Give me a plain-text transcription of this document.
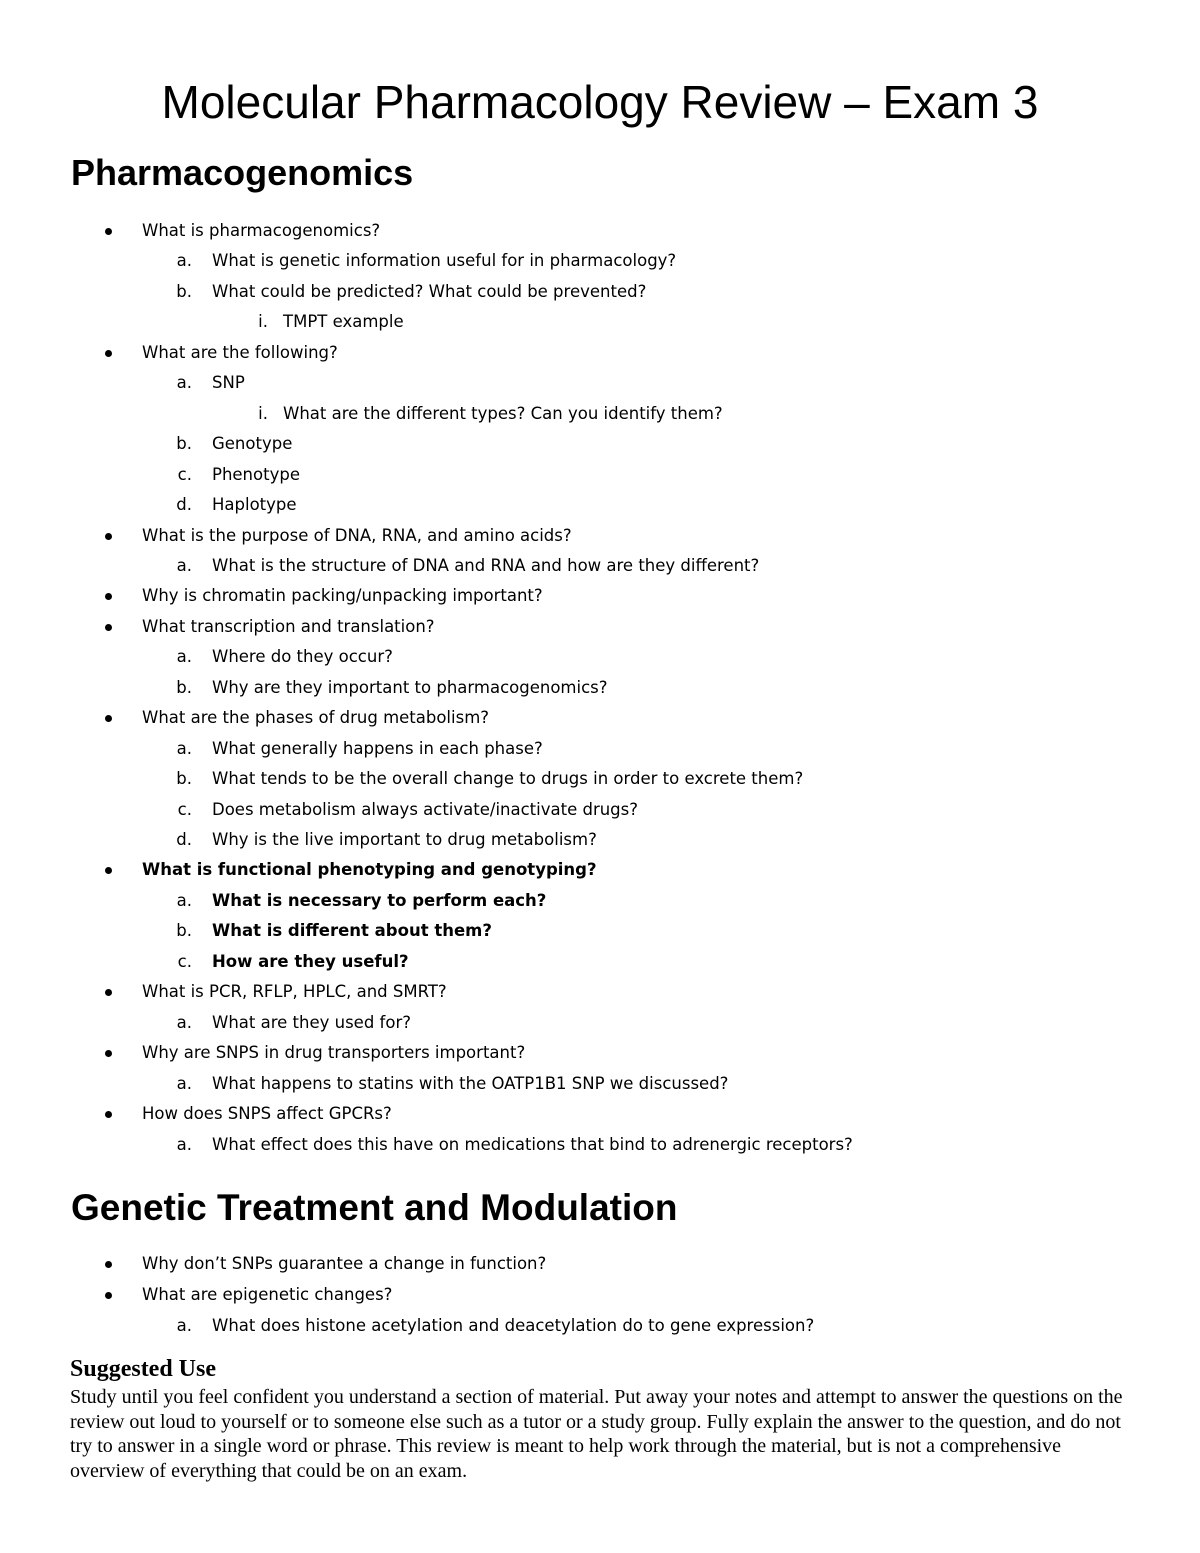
Molecular Pharmacology Review – Exam 3
Pharmacogenomics
What is pharmacogenomics?
a. What is genetic information useful for in pharmacology?
b. What could be predicted? What could be prevented?
i. TMPT example
What are the following?
a. SNP
i. What are the different types? Can you identify them?
b. Genotype
c. Phenotype
d. Haplotype
What is the purpose of DNA, RNA, and amino acids?
a. What is the structure of DNA and RNA and how are they different?
Why is chromatin packing/unpacking important?
What transcription and translation?
a. Where do they occur?
b. Why are they important to pharmacogenomics?
What are the phases of drug metabolism?
a. What generally happens in each phase?
b. What tends to be the overall change to drugs in order to excrete them?
c. Does metabolism always activate/inactivate drugs?
d. Why is the live important to drug metabolism?
What is functional phenotyping and genotyping?
a. What is necessary to perform each?
b. What is different about them?
c. How are they useful?
What is PCR, RFLP, HPLC, and SMRT?
a. What are they used for?
Why are SNPS in drug transporters important?
a. What happens to statins with the OATP1B1 SNP we discussed?
How does SNPS affect GPCRs?
a. What effect does this have on medications that bind to adrenergic receptors?
Genetic Treatment and Modulation
Why don’t SNPs guarantee a change in function?
What are epigenetic changes?
a. What does histone acetylation and deacetylation do to gene expression?
Suggested Use

Study until you feel confident you understand a section of material. Put away your notes and attempt to answer the questions on the review out loud to yourself or to someone else such as a tutor or a study group. Fully explain the answer to the question, and do not try to answer in a single word or phrase. This review is meant to help work through the material, but is not a comprehensive overview of everything that could be on an exam.
